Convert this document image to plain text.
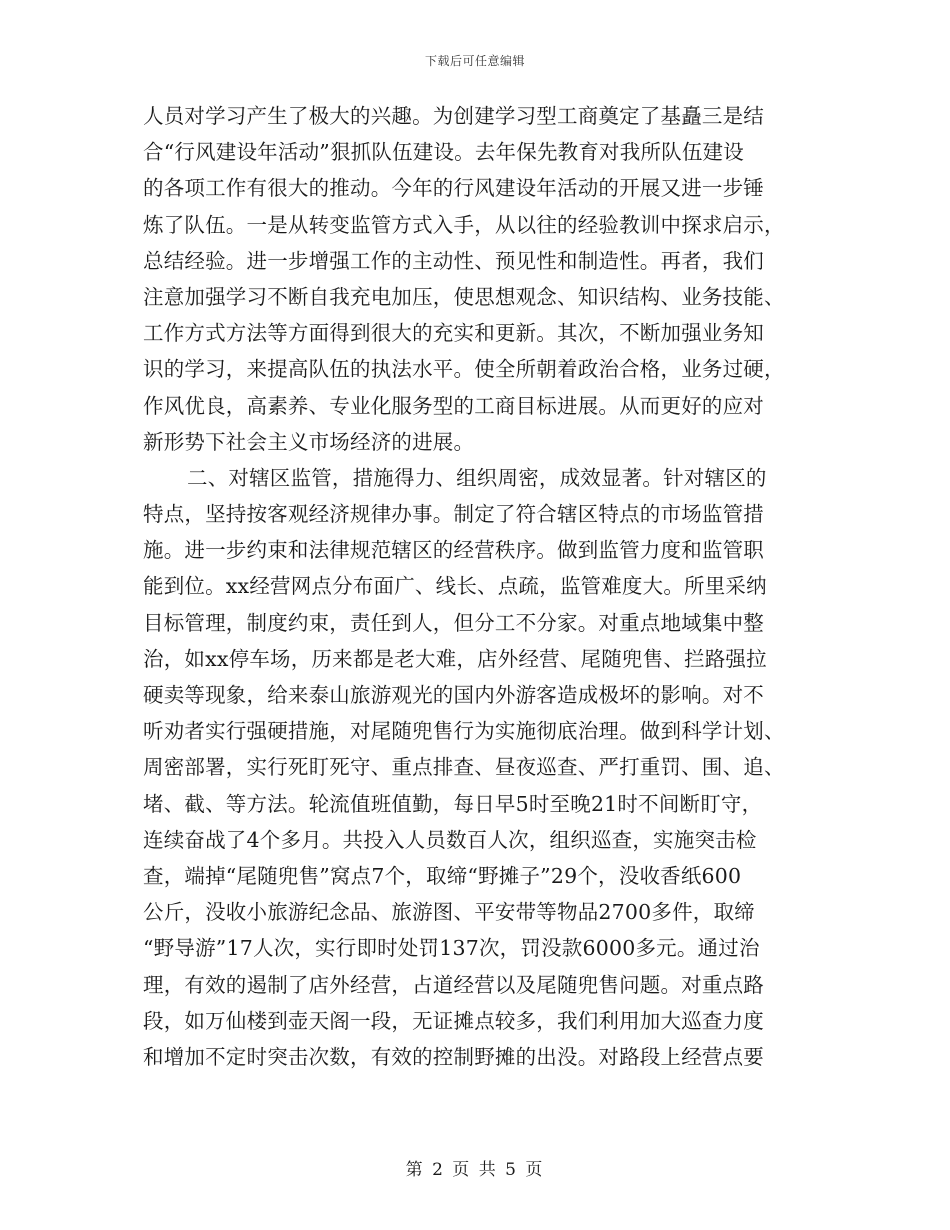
下载后可任意编辑
人员对学习产生了极大的兴趣。为创建学习型工商奠定了基矗三是结
合“行风建设年活动”狠抓队伍建设。去年保先教育对我所队伍建设
的各项工作有很大的推动。今年的行风建设年活动的开展又进一步锤
炼了队伍。一是从转变监管方式入手，从以往的经验教训中探求启示，
总结经验。进一步增强工作的主动性、预见性和制造性。再者，我们
注意加强学习不断自我充电加压，使思想观念、知识结构、业务技能、
工作方式方法等方面得到很大的充实和更新。其次，不断加强业务知
识的学习，来提高队伍的执法水平。使全所朝着政治合格，业务过硬，
作风优良，高素养、专业化服务型的工商目标进展。从而更好的应对
新形势下社会主义市场经济的进展。
二、对辖区监管，措施得力、组织周密，成效显著。针对辖区的
特点，坚持按客观经济规律办事。制定了符合辖区特点的市场监管措
施。进一步约束和法律规范辖区的经营秩序。做到监管力度和监管职
能到位。xx经营网点分布面广、线长、点疏，监管难度大。所里采纳
目标管理，制度约束，责任到人，但分工不分家。对重点地域集中整
治，如xx停车场，历来都是老大难，店外经营、尾随兜售、拦路强拉
硬卖等现象，给来泰山旅游观光的国内外游客造成极坏的影响。对不
听劝者实行强硬措施，对尾随兜售行为实施彻底治理。做到科学计划、
周密部署，实行死盯死守、重点排查、昼夜巡查、严打重罚、围、追、
堵、截、等方法。轮流值班值勤，每日早5时至晚21时不间断盯守，
连续奋战了4个多月。共投入人员数百人次，组织巡查，实施突击检
查，端掉“尾随兜售”窝点7个，取缔“野摊子”29个，没收香纸600
公斤，没收小旅游纪念品、旅游图、平安带等物品2700多件，取缔
“野导游”17人次，实行即时处罚137次，罚没款6000多元。通过治
理，有效的遏制了店外经营，占道经营以及尾随兜售问题。对重点路
段，如万仙楼到壶天阁一段，无证摊点较多，我们利用加大巡查力度
和增加不定时突击次数，有效的控制野摊的出没。对路段上经营点要
第 2 页 共 5 页
